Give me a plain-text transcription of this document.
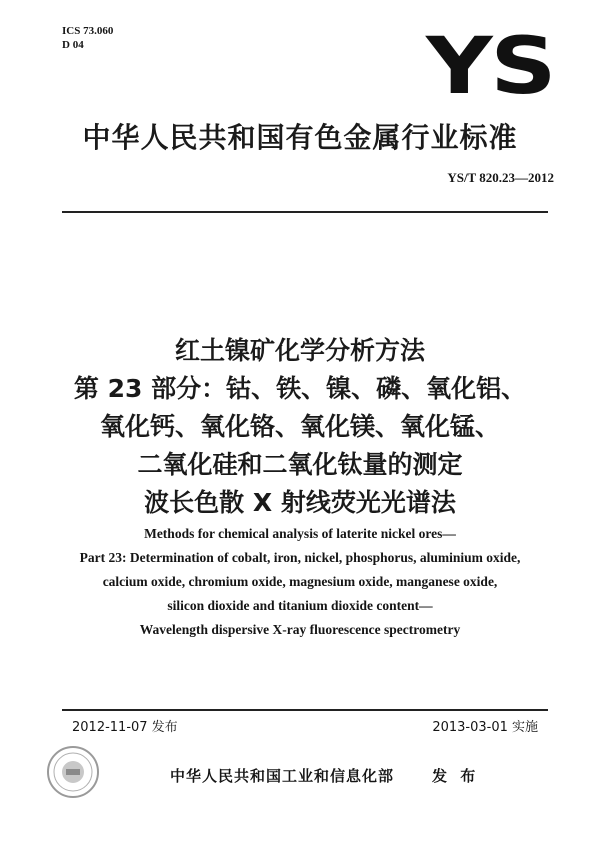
ICS 73.060
D 04	YS
中华人民共和国有色金属行业标准
YS/T 820.23—2012
红土镍矿化学分析方法
第 23 部分：钴、铁、镍、磷、氧化铝、
氧化钙、氧化铬、氧化镁、氧化锰、
二氧化硅和二氧化钛量的测定
波长色散 X 射线荧光光谱法
Methods for chemical analysis of laterite nickel ores—
Part 23: Determination of cobalt, iron, nickel, phosphorus, aluminium oxide,
calcium oxide, chromium oxide, magnesium oxide, manganese oxide,
silicon dioxide and titanium dioxide content—
Wavelength dispersive X-ray fluorescence spectrometry
2012-11-07 发布	2013-03-01 实施
中华人民共和国工业和信息化部	发 布
